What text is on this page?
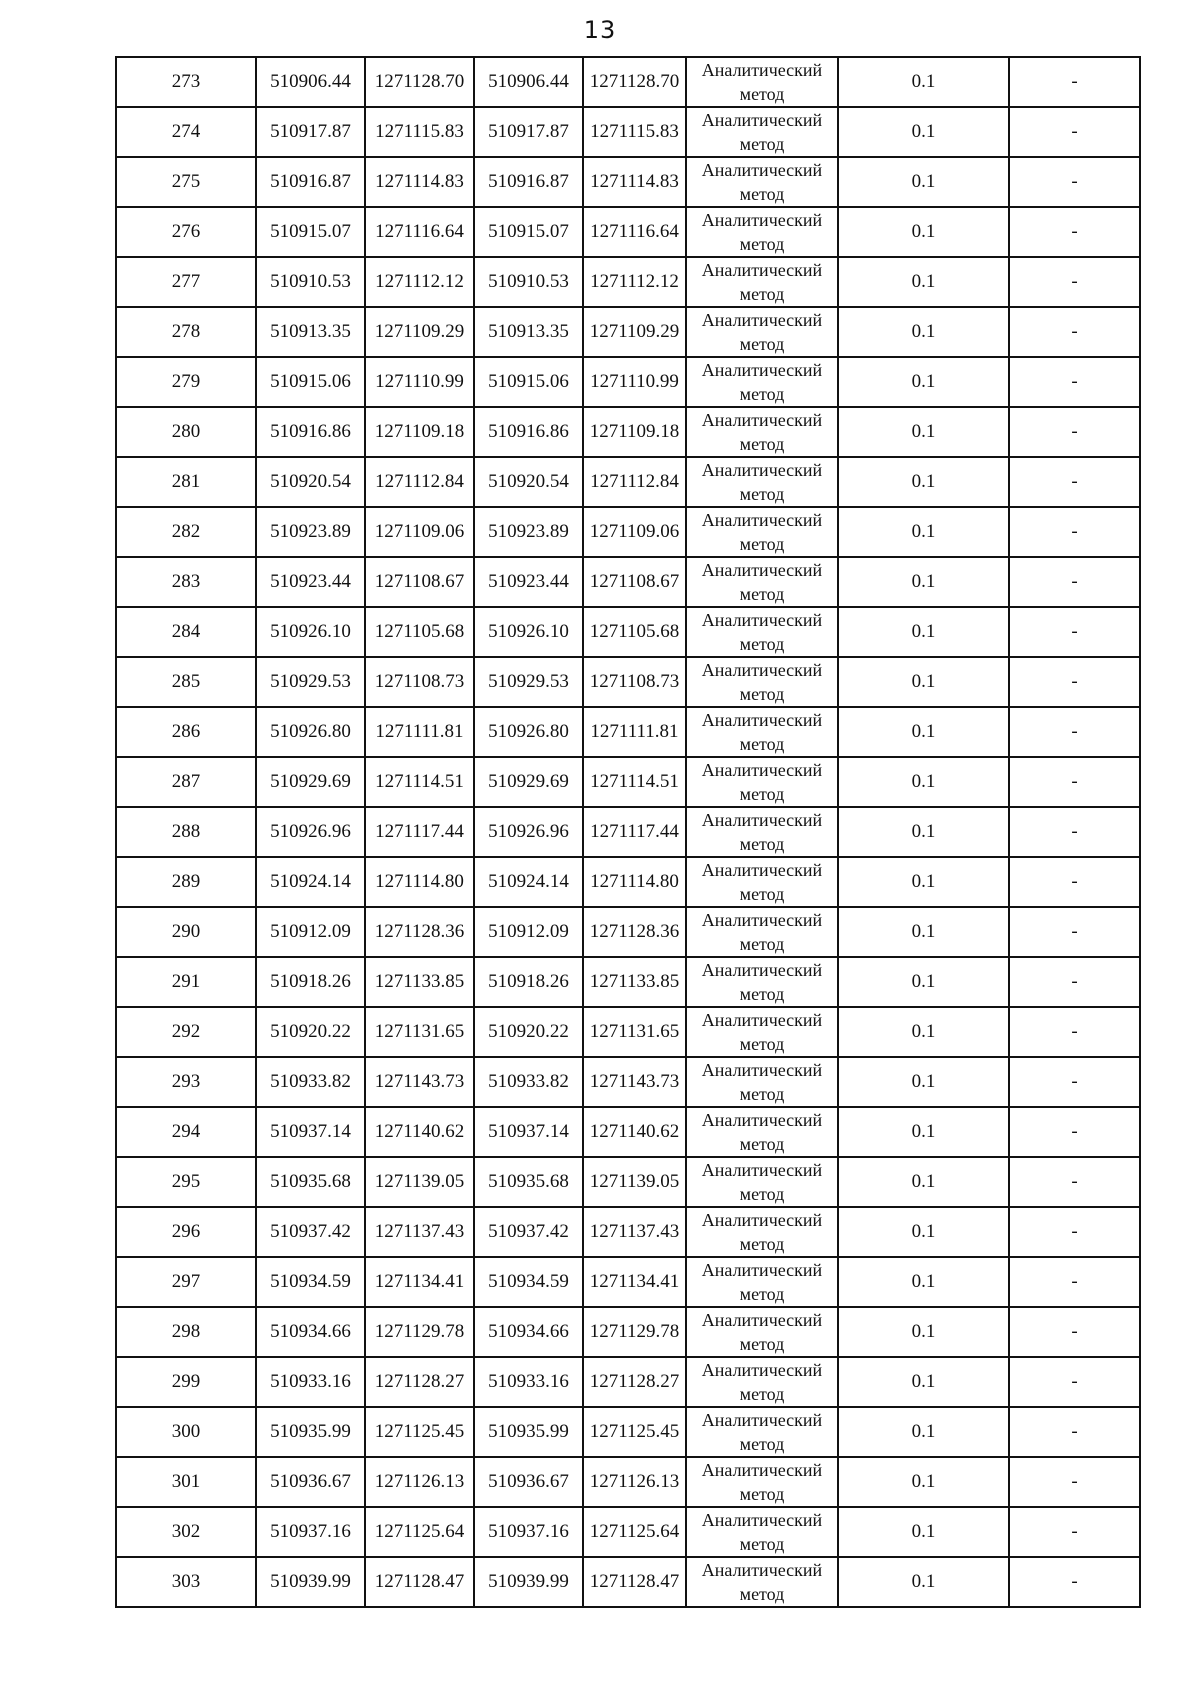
13
273	510906.44	1271128.70	510906.44	1271128.70	Аналитический
метод	0.1	-
274	510917.87	1271115.83	510917.87	1271115.83	Аналитический
метод	0.1	-
275	510916.87	1271114.83	510916.87	1271114.83	Аналитический
метод	0.1	-
276	510915.07	1271116.64	510915.07	1271116.64	Аналитический
метод	0.1	-
277	510910.53	1271112.12	510910.53	1271112.12	Аналитический
метод	0.1	-
278	510913.35	1271109.29	510913.35	1271109.29	Аналитический
метод	0.1	-
279	510915.06	1271110.99	510915.06	1271110.99	Аналитический
метод	0.1	-
280	510916.86	1271109.18	510916.86	1271109.18	Аналитический
метод	0.1	-
281	510920.54	1271112.84	510920.54	1271112.84	Аналитический
метод	0.1	-
282	510923.89	1271109.06	510923.89	1271109.06	Аналитический
метод	0.1	-
283	510923.44	1271108.67	510923.44	1271108.67	Аналитический
метод	0.1	-
284	510926.10	1271105.68	510926.10	1271105.68	Аналитический
метод	0.1	-
285	510929.53	1271108.73	510929.53	1271108.73	Аналитический
метод	0.1	-
286	510926.80	1271111.81	510926.80	1271111.81	Аналитический
метод	0.1	-
287	510929.69	1271114.51	510929.69	1271114.51	Аналитический
метод	0.1	-
288	510926.96	1271117.44	510926.96	1271117.44	Аналитический
метод	0.1	-
289	510924.14	1271114.80	510924.14	1271114.80	Аналитический
метод	0.1	-
290	510912.09	1271128.36	510912.09	1271128.36	Аналитический
метод	0.1	-
291	510918.26	1271133.85	510918.26	1271133.85	Аналитический
метод	0.1	-
292	510920.22	1271131.65	510920.22	1271131.65	Аналитический
метод	0.1	-
293	510933.82	1271143.73	510933.82	1271143.73	Аналитический
метод	0.1	-
294	510937.14	1271140.62	510937.14	1271140.62	Аналитический
метод	0.1	-
295	510935.68	1271139.05	510935.68	1271139.05	Аналитический
метод	0.1	-
296	510937.42	1271137.43	510937.42	1271137.43	Аналитический
метод	0.1	-
297	510934.59	1271134.41	510934.59	1271134.41	Аналитический
метод	0.1	-
298	510934.66	1271129.78	510934.66	1271129.78	Аналитический
метод	0.1	-
299	510933.16	1271128.27	510933.16	1271128.27	Аналитический
метод	0.1	-
300	510935.99	1271125.45	510935.99	1271125.45	Аналитический
метод	0.1	-
301	510936.67	1271126.13	510936.67	1271126.13	Аналитический
метод	0.1	-
302	510937.16	1271125.64	510937.16	1271125.64	Аналитический
метод	0.1	-
303	510939.99	1271128.47	510939.99	1271128.47	Аналитический
метод	0.1	-
